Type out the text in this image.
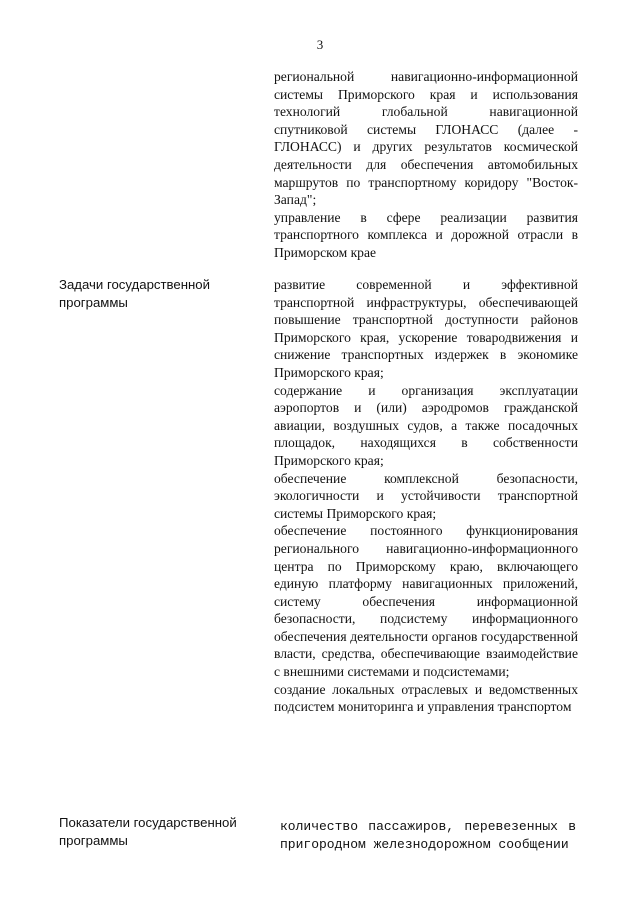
3
региональной навигационно-информационной системы Приморского края и использования технологий глобальной навигационной спутниковой системы ГЛОНАСС (далее - ГЛОНАСС) и других результатов космической деятельности для обеспечения автомобильных маршрутов по транспортному коридору "Восток-Запад";
управление в сфере реализации развития транспортного комплекса и дорожной отрасли в Приморском крае
Задачи государственной программы
развитие современной и эффективной транспортной инфраструктуры, обеспечивающей повышение транспортной доступности районов Приморского края, ускорение товародвижения и снижение транспортных издержек в экономике Приморского края;
содержание и организация эксплуатации аэропортов и (или) аэродромов гражданской авиации, воздушных судов, а также посадочных площадок, находящихся в собственности Приморского края;
обеспечение комплексной безопасности, экологичности и устойчивости транспортной системы Приморского края;
обеспечение постоянного функционирования регионального навигационно-информационного центра по Приморскому краю, включающего единую платформу навигационных приложений, систему обеспечения информационной безопасности, подсистему информационного обеспечения деятельности органов государственной власти, средства, обеспечивающие взаимодействие с внешними системами и подсистемами;
создание локальных отраслевых и ведомственных подсистем мониторинга и управления транспортом
Показатели государственной программы
количество пассажиров, перевезенных в пригородном железнодорожном сообщении
